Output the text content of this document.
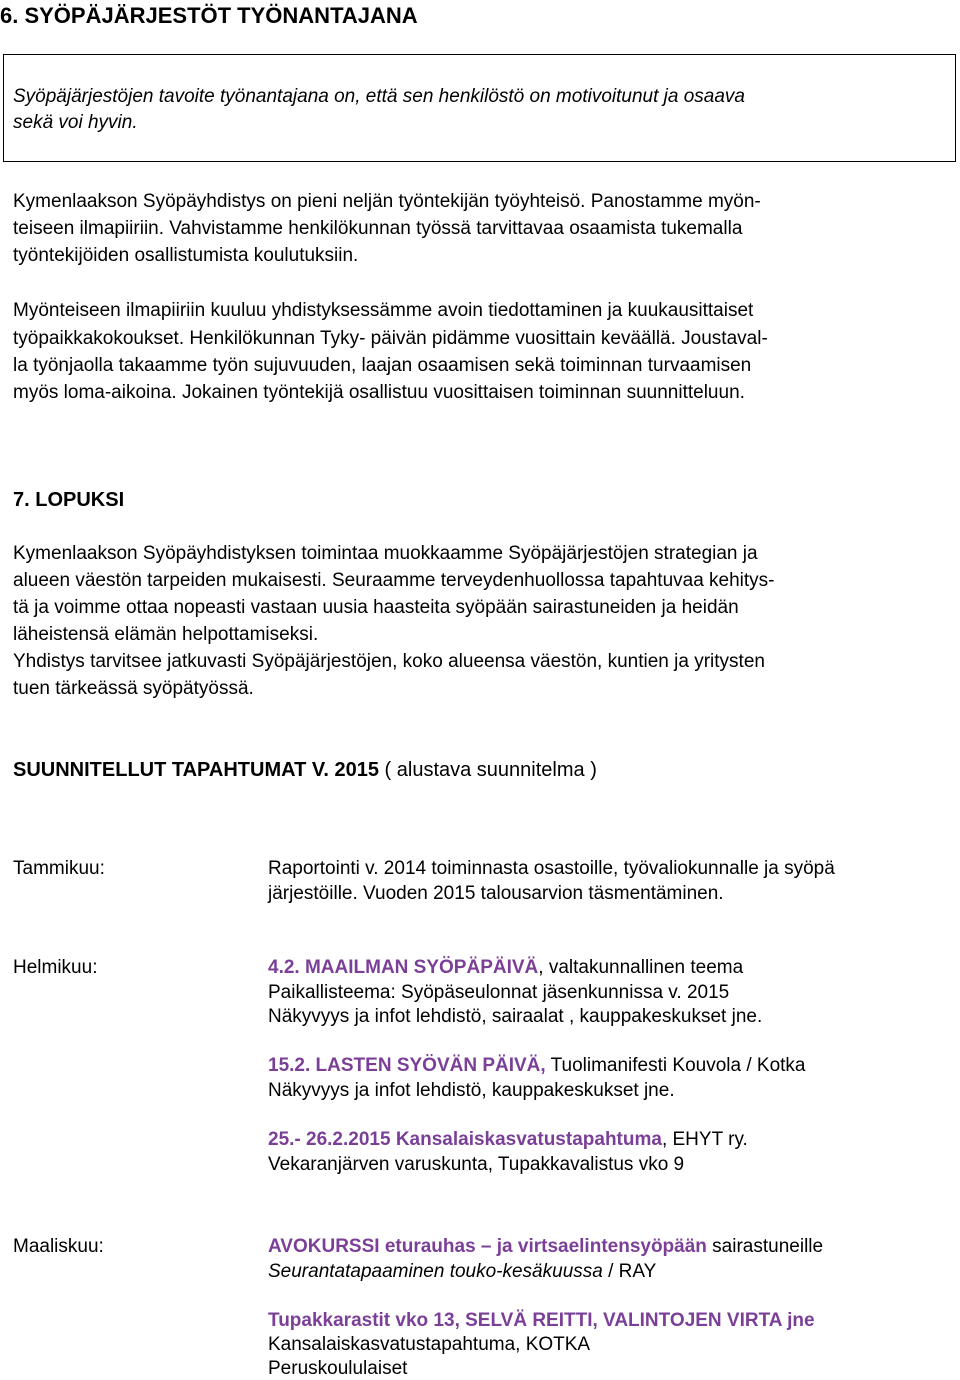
6. SYÖPÄJÄRJESTÖT TYÖNANTAJANA
Syöpäjärjestöjen tavoite työnantajana on, että sen henkilöstö on motivoitunut ja osaava
sekä voi hyvin.
Kymenlaakson Syöpäyhdistys on pieni neljän työntekijän työyhteisö. Panostamme myön-
teiseen ilmapiiriin. Vahvistamme henkilökunnan työssä tarvittavaa osaamista tukemalla
työntekijöiden osallistumista koulutuksiin.
Myönteiseen ilmapiiriin kuuluu yhdistyksessämme avoin tiedottaminen ja kuukausittaiset
työpaikkakokoukset. Henkilökunnan Tyky- päivän pidämme vuosittain keväällä. Joustaval-
la työnjaolla takaamme työn sujuvuuden, laajan osaamisen sekä toiminnan turvaamisen
myös loma-aikoina. Jokainen työntekijä osallistuu vuosittaisen toiminnan suunnitteluun.
7. LOPUKSI
Kymenlaakson Syöpäyhdistyksen toimintaa muokkaamme Syöpäjärjestöjen strategian ja
alueen väestön tarpeiden mukaisesti. Seuraamme terveydenhuollossa tapahtuvaa kehitys-
tä ja voimme ottaa nopeasti vastaan uusia haasteita syöpään sairastuneiden ja heidän
läheistensä elämän helpottamiseksi.
Yhdistys tarvitsee jatkuvasti Syöpäjärjestöjen, koko alueensa väestön, kuntien ja yritysten
tuen tärkeässä syöpätyössä.
SUUNNITELLUT TAPAHTUMAT V. 2015 ( alustava suunnitelma )
Tammikuu:	Raportointi v. 2014 toiminnasta osastoille, työvaliokunnalle ja syöpä
järjestöille. Vuoden 2015 talousarvion täsmentäminen.
Helmikuu:	4.2. MAAILMAN SYÖPÄPÄIVÄ, valtakunnallinen teema
Paikallisteema: Syöpäseulonnat jäsenkunnissa v. 2015
Näkyvyys ja infot lehdistö, sairaalat , kauppakeskukset jne.
15.2. LASTEN SYÖVÄN PÄIVÄ, Tuolimanifesti Kouvola / Kotka
Näkyvyys ja infot lehdistö, kauppakeskukset jne.
25.- 26.2.2015 Kansalaiskasvatustapahtuma, EHYT ry.
Vekaranjärven varuskunta, Tupakkavalistus vko 9
Maaliskuu:	AVOKURSSI eturauhas – ja virtsaelintensyöpään sairastuneille
Seurantatapaaminen touko-kesäkuussa / RAY
Tupakkarastit vko 13, SELVÄ REITTI, VALINTOJEN VIRTA jne
Kansalaiskasvatustapahtuma, KOTKA
Peruskoululaiset
